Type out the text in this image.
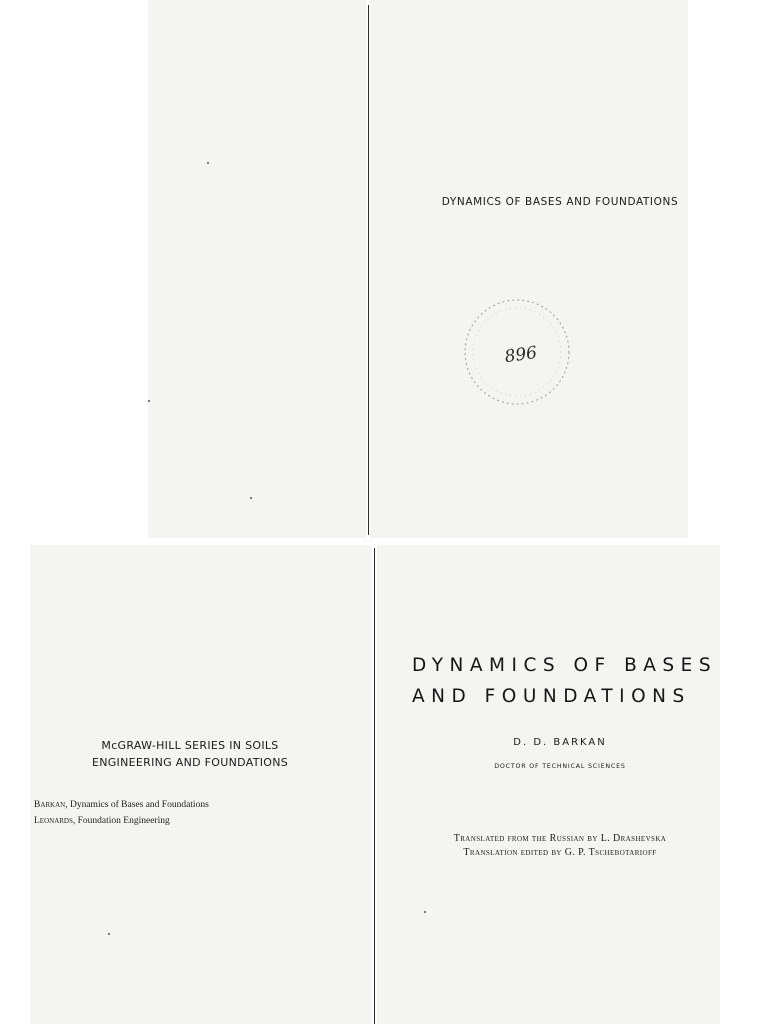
DYNAMICS OF BASES AND FOUNDATIONS
896
McGRAW-HILL SERIES IN SOILS
ENGINEERING AND FOUNDATIONS
Barkan, Dynamics of Bases and Foundations
Leonards, Foundation Engineering
DYNAMICS OF BASES
AND FOUNDATIONS
D. D. BARKAN
DOCTOR OF TECHNICAL SCIENCES
Translated from the Russian by L. Drashevska
Translation edited by G. P. Tschebotarioff
